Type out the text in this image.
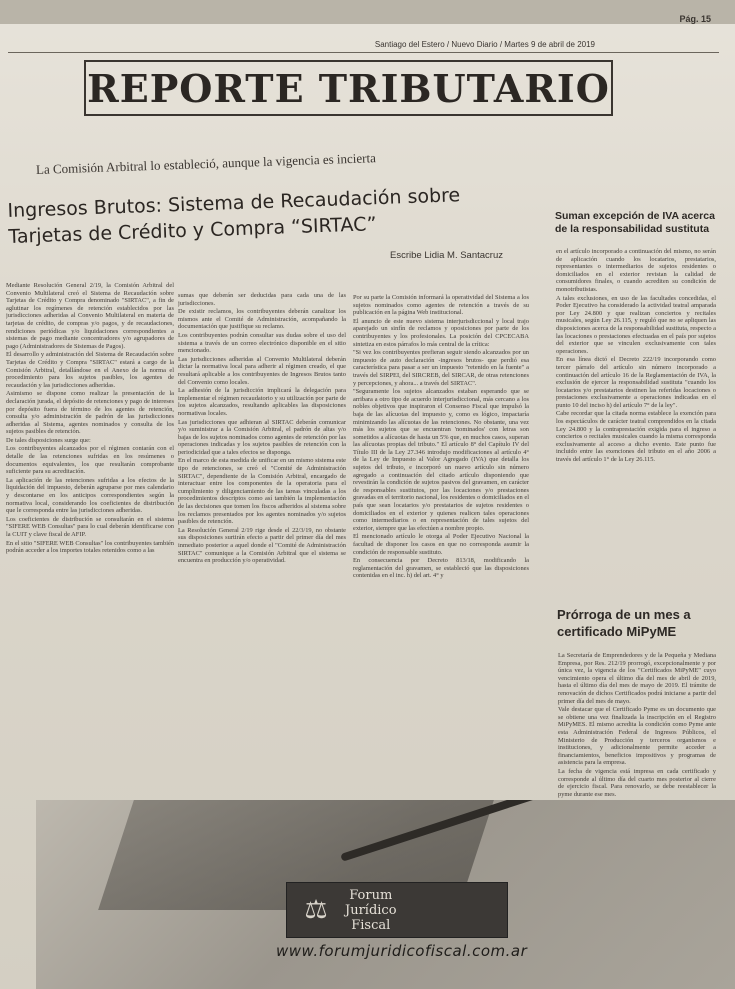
Pág. 15
Santiago del Estero / Nuevo Diario / Martes 9 de abril de 2019
REPORTE TRIBUTARIO
La Comisión Arbitral lo estableció, aunque la vigencia es incierta
Ingresos Brutos: Sistema de Recaudación sobre Tarjetas de Crédito y Compra “SIRTAC”
Escribe Lidia M. Santacruz

Mediante Resolución General 2/19, la Comisión Arbitral del Convenio Multilateral creó el Sistema de Recaudación sobre Tarjetas de Crédito y Compra denominado "SIRTAC", a fin de aglutinar los regímenes de retención establecidos por las jurisdicciones adheridas al Convenio Multilateral en materia de tarjetas de crédito, de compras y/o pagos, y de recaudaciones, rendiciones periódicas y/o liquidaciones correspondientes a sistemas de pago mediante concentradores y/o agrupadores de pago (Administradores de Sistemas de Pagos).

El desarrollo y administración del Sistema de Recaudación sobre Tarjetas de Crédito y Compra "SIRTAC" estará a cargo de la Comisión Arbitral, detallándose en el Anexo de la norma el procedimiento para los sujetos pasibles, los agentes de recaudación y las jurisdicciones adheridas.

Asimismo se dispone como realizar la presentación de la declaración jurada, el depósito de retenciones y pago de intereses por depósito fuera de término de los agentes de retención, consulta y/o administración de padrón de las jurisdicciones adheridas al Sistema, agentes nominados y consulta de los sujetos pasibles de retención.

De tales disposiciones surge que:

Los contribuyentes alcanzados por el régimen contarán con el detalle de las retenciones sufridas en los resúmenes o documentos equivalentes, los que resultarán comprobante suficiente para su acreditación.

La aplicación de las retenciones sufridas a los efectos de la liquidación del impuesto, deberán agruparse por mes calendario y descontarse en los anticipos correspondientes según la normativa local, considerando los coeficientes de distribución que le corresponda entre las jurisdicciones adheridas.

Los coeficientes de distribución se consultarán en el sistema "SIFERE WEB Consultas" para lo cual deberán identificarse con la CUIT y clave fiscal de AFIP.

En el sitio "SIFERE WEB Consultas" los contribuyentes también podrán acceder a los importes totales retenidos como a las

sumas que deberán ser deducidas para cada una de las jurisdicciones.

De existir reclamos, los contribuyentes deberán canalizar los mismos ante el Comité de Administración, acompañando la documentación que justifique su reclamo.

Los contribuyentes podrán consultar sus dudas sobre el uso del sistema a través de un correo electrónico disponible en el sitio mencionado.

Las jurisdicciones adheridas al Convenio Multilateral deberán dictar la normativa local para adherir al régimen creado, el que resultará aplicable a los contribuyentes de Ingresos Brutos tanto del Convenio como locales.

La adhesión de la jurisdicción implicará la delegación para implementar el régimen recaudatorio y su utilización por parte de los sujetos alcanzados, resultando aplicables las disposiciones normativas locales.

Las jurisdicciones que adhieran al SIRTAC deberán comunicar y/o suministrar a la Comisión Arbitral, el padrón de altas y/o bajas de los sujetos nominados como agentes de retención por las operaciones indicadas y los sujetos pasibles de retención con la periodicidad que a tales efectos se disponga.

En el marco de esta medida de unificar en un mismo sistema este tipo de retenciones, se creó el "Comité de Administración SIRTAC", dependiente de la Comisión Arbitral, encargado de interactuar entre los componentes de la operatoria para el cumplimiento y diligenciamiento de las tareas vinculadas a los procedimientos descriptos como así también la implementación de las decisiones que tomen los fiscos adheridos al sistema sobre los reclamos presentados por los agentes nominados y/o sujetos pasibles de retención.

La Resolución General 2/19 rige desde el 22/3/19, no obstante sus disposiciones surtirán efecto a partir del primer día del mes inmediato posterior a aquel donde el "Comité de Administración SIRTAC" comunique a la Comisión Arbitral que el sistema se encuentra en producción y/o operatividad.

Por su parte la Comisión informará la operatividad del Sistema a los sujetos nominados como agentes de retención a través de su publicación en la página Web institucional.

El anuncio de este nuevo sistema interjurisdiccional y local trajo aparejado un sinfín de reclamos y oposiciones por parte de los contribuyentes y los profesionales. La posición del CPCECABA sintetiza en estos párrafos lo más central de la crítica:

"Si vez los contribuyentes prefieran seguir siendo alcanzados por un impuesto de auto declaración -ingresos brutos- que perdió esa característica para pasar a ser un impuesto "retenido en la fuente" a través del SIRPEI, del SIRCREB, del SIRCAR, de otras retenciones y percepciones, y ahora... a través del SIRTAC".

"Seguramente los sujetos alcanzados estaban esperando que se arribara a otro tipo de acuerdo interjurisdiccional, más cercano a los nobles objetivos que inspiraron el Consenso Fiscal que impulsó la baja de las alícuotas del impuesto y, como es lógico, impactaría minimizando las alícuotas de las retenciones. No obstante, una vez más los sujetos que se encuentran 'nominados' con letras son sometidos a alícuotas de hasta un 5% que, en muchos casos, superan las alícuotas propias del tributo." El artículo 8° del Capítulo IV del Título III de la Ley 27.346 introdujo modificaciones al artículo 4° de la Ley de Impuesto al Valor Agregado (IVA) que detalla los sujetos del tributo, e incorporó un nuevo artículo sin número agregado a continuación del citado artículo disponiendo que revestirán la condición de sujetos pasivos del gravamen, en carácter de responsables sustitutos, por las locaciones y/o prestaciones gravadas en el territorio nacional, los residentes o domiciliados en el país que sean locatarios y/o prestatarios de sujetos residentes o domiciliados en el exterior y quienes realicen tales operaciones como intermediarios o en representación de tales sujetos del exterior, siempre que las efectúen a nombre propio.

El mencionado artículo le otorga al Poder Ejecutivo Nacional la facultad de disponer los casos en que no corresponda asumir la condición de responsable sustituto.

En consecuencia por Decreto 813/18, modificando la reglamentación del gravamen, se estableció que las disposiciones contenidas en el inc. h) del art. 4° y

Suman excepción de IVA acerca de la responsabilidad sustituta

en el artículo incorporado a continuación del mismo, no serán de aplicación cuando los locatarios, prestatarios, representantes o intermediarios de sujetos residentes o domiciliados en el exterior revistan la calidad de consumidores finales, o cuando acrediten su condición de monotributistas.

A tales exclusiones, en uso de las facultades concedidas, el Poder Ejecutivo ha considerado la actividad teatral amparada por Ley 24.800 y que realizan conciertos y recitales musicales, según Ley 26.115, y reguló que no se apliquen las disposiciones acerca de la responsabilidad sustituta, respecto a las locaciones o prestaciones efectuadas en el país por sujetos del exterior que se vinculen exclusivamente con tales operaciones.

En esa línea dictó el Decreto 222/19 incorporando como tercer párrafo del artículo sin número incorporado a continuación del artículo 16 de la Reglamentación de IVA, la exclusión de ejercer la responsabilidad sustituta "cuando los locatarios y/o prestatarios destinen las referidas locaciones o prestaciones exclusivamente a operaciones indicadas en el punto 10 del inciso h) del artículo 7° de la ley".

Cabe recordar que la citada norma establece la exención para los espectáculos de carácter teatral comprendidos en la citada Ley 24.800 y la contraprestación exigida para el ingreso a conciertos o recitales musicales cuando la misma corresponda exclusivamente al acceso a dicho evento. Este punto fue incluido entre las exenciones del tributo en el año 2006 a través del artículo 1° de la Ley 26.115.

Prórroga de un mes a certificado MiPyME

La Secretaría de Emprendedores y de la Pequeña y Mediana Empresa, por Res. 212/19 prorrogó, excepcionalmente y por única vez, la vigencia de los "Certificados MiPyME" cuyo vencimiento opera el último día del mes de abril de 2019, hasta el último día del mes de mayo de 2019. El trámite de renovación de dichos Certificados podrá iniciarse a partir del primer día del mes de mayo.

Vale destacar que el Certificado Pyme es un documento que se obtiene una vez finalizada la inscripción en el Registro MiPyMES. El mismo acredita la condición como Pyme ante esta Administración Federal de Ingresos Públicos, el Ministerio de Producción y terceros organismos e instituciones, y adicionalmente permite acceder a financiamientos, beneficios impositivos y programas de asistencia para la empresa.

La fecha de vigencia está impresa en cada certificado y corresponde al último día del cuarto mes posterior al cierre de ejercicio fiscal. Para renovarlo, se debe reestablecer la pyme durante ese mes.

⚖	Forum
Jurídico
Fiscal
www.forumjuridicofiscal.com.ar
